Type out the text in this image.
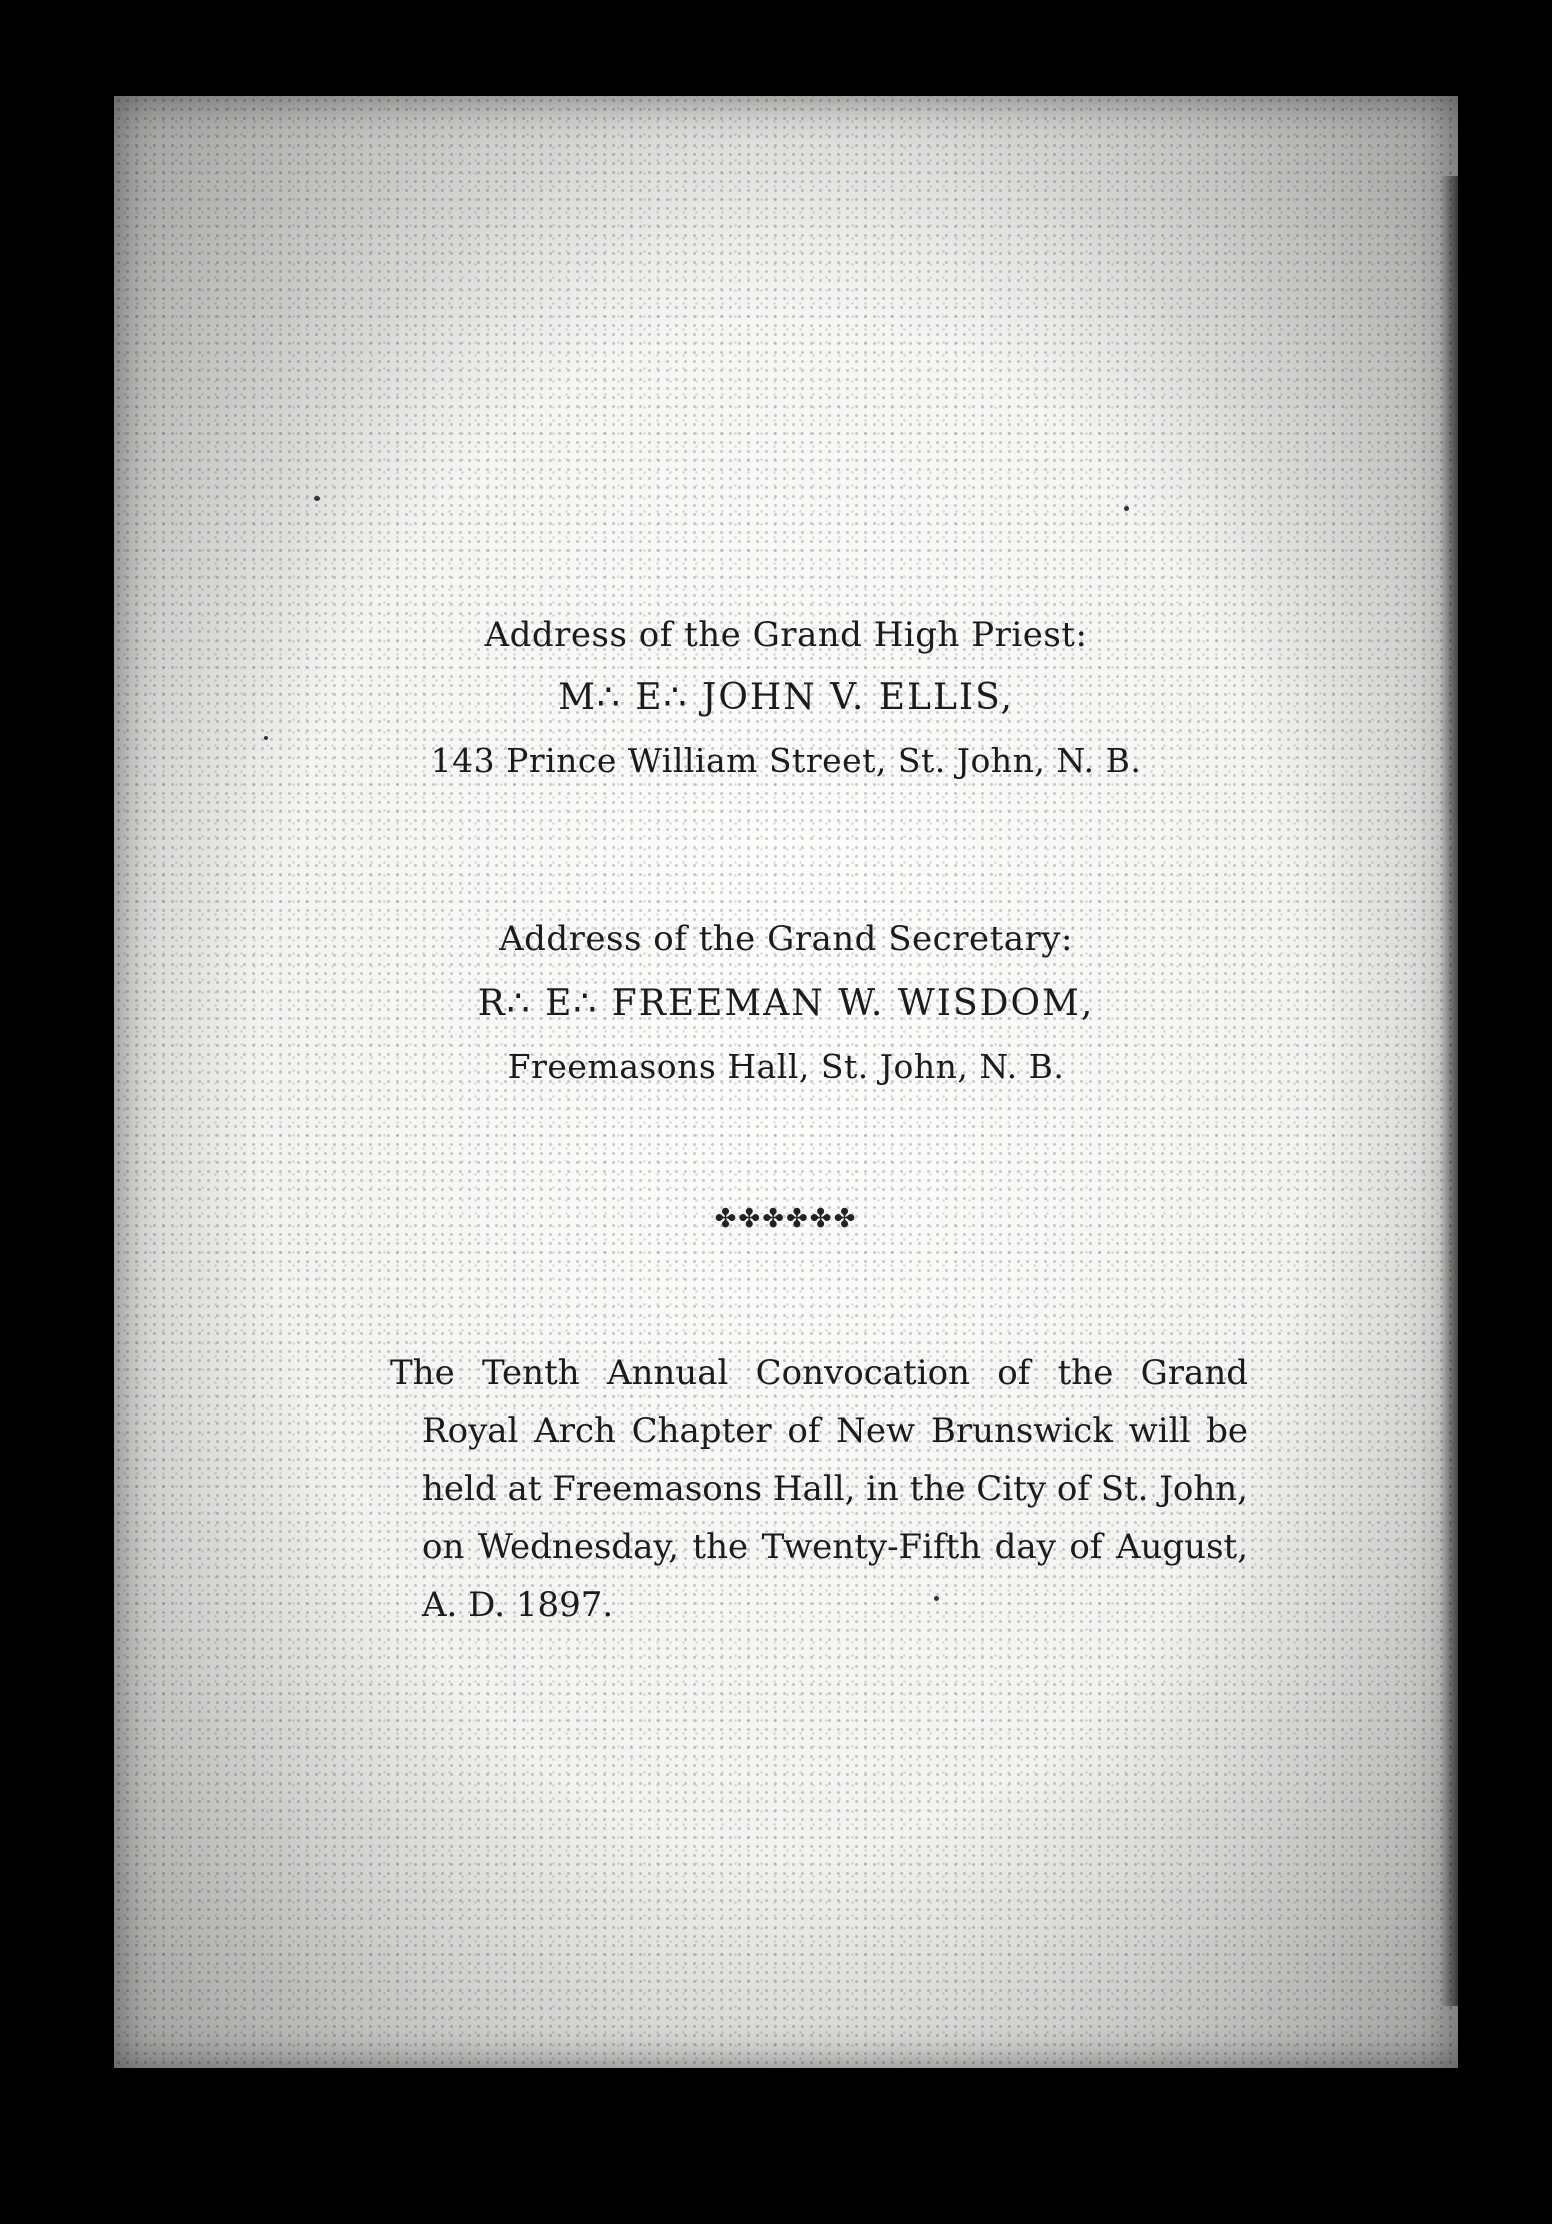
Address of the Grand High Priest:
M∴ E∴ JOHN V. ELLIS,
143 Prince William Street, St. John, N. B.
Address of the Grand Secretary:
R∴ E∴ FREEMAN W. WISDOM,
Freemasons Hall, St. John, N. B.
✤✤✤✤✤✤
The Tenth Annual Convocation of the Grand Royal Arch Chapter of New Brunswick will be held at Freemasons Hall, in the City of St. John, on Wednesday, the Twenty-Fifth day of August, A. D. 1897.
